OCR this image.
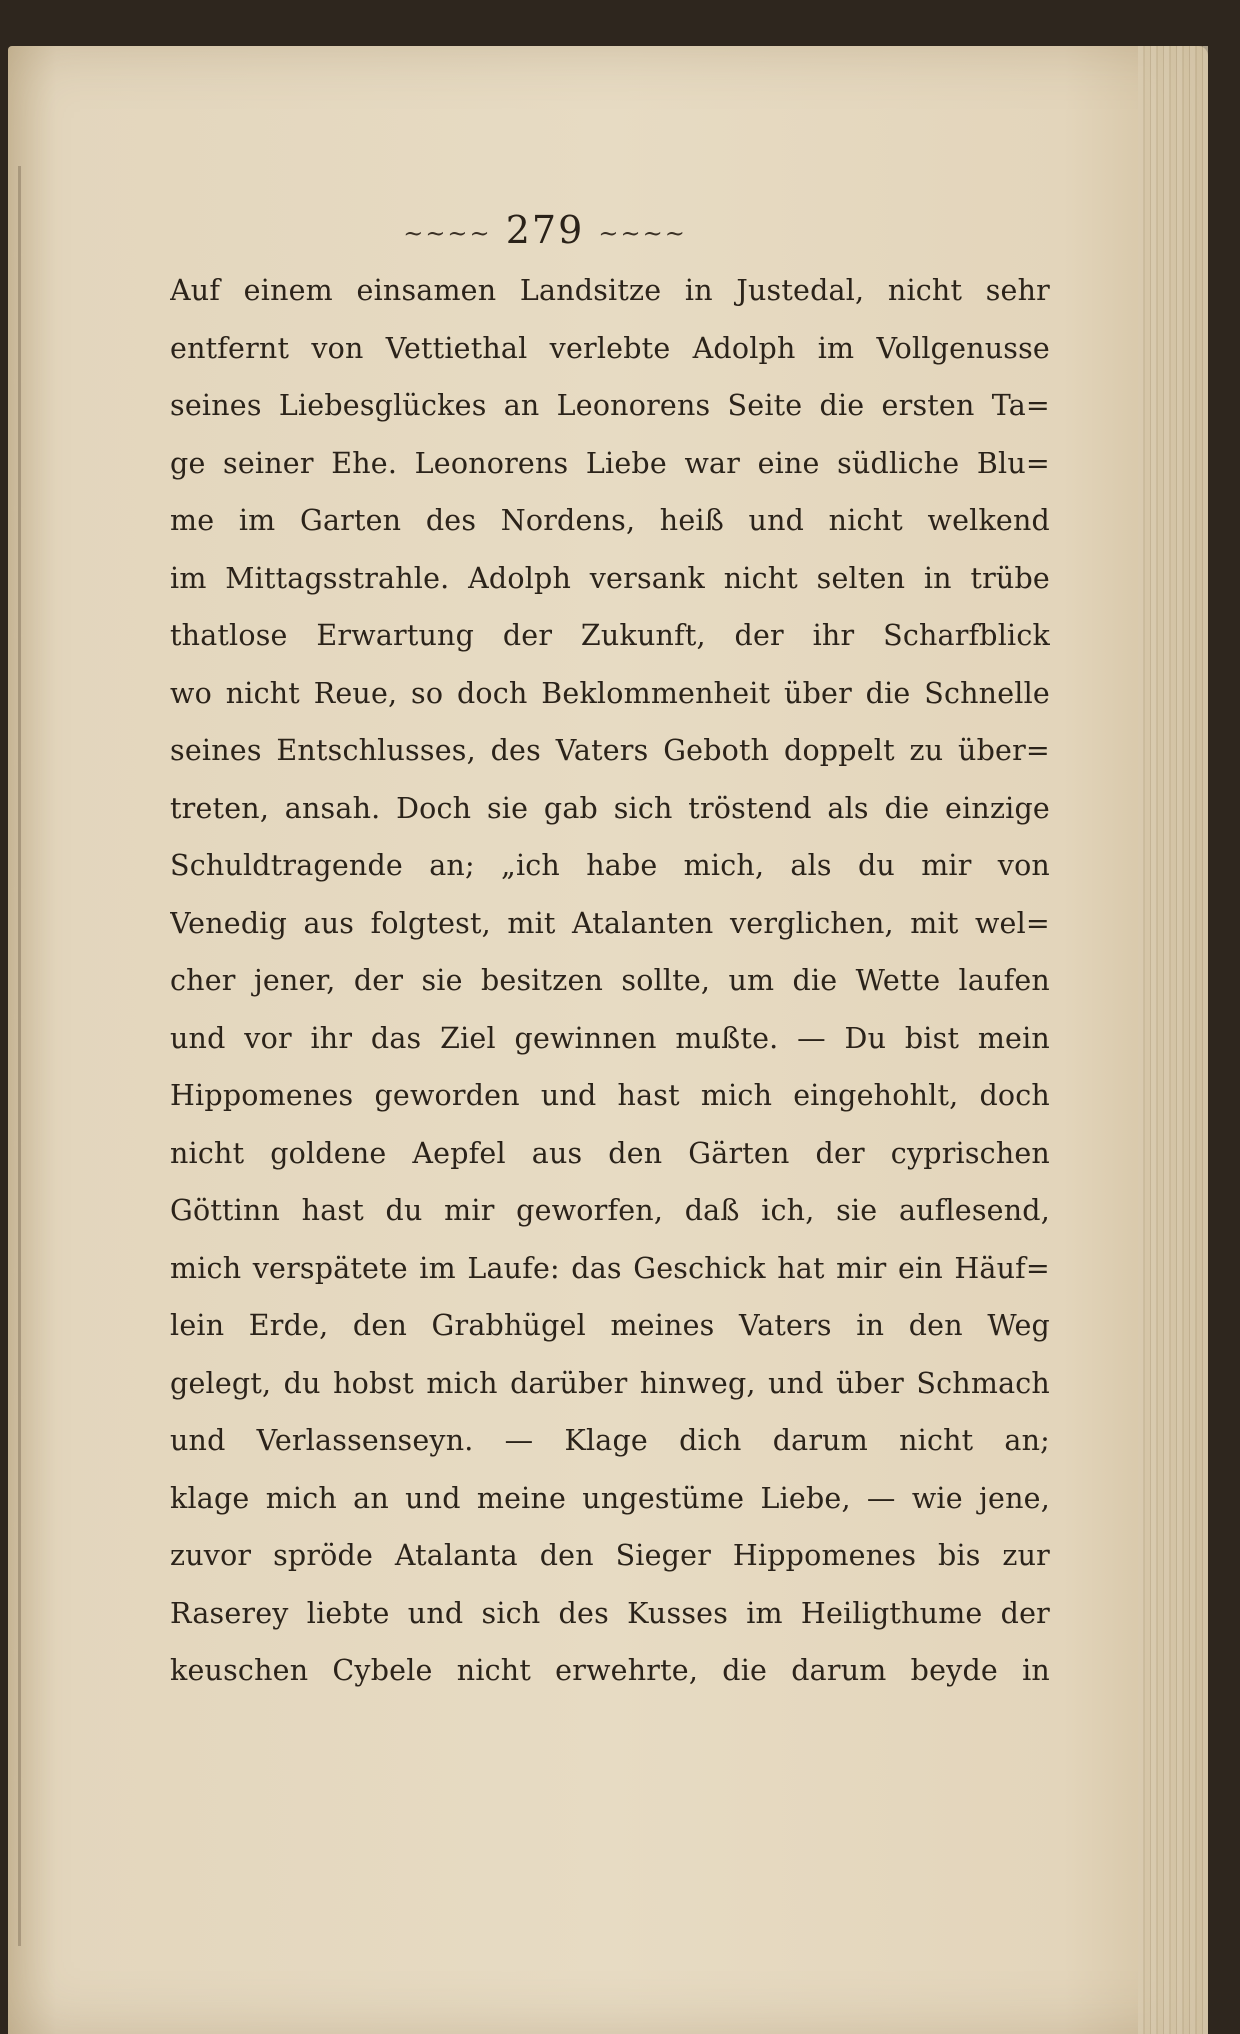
~~~~ 279 ~~~~
Auf einem einsamen Landsitze in Justedal, nicht sehr
entfernt von Vettiethal verlebte Adolph im Vollgenusse
seines Liebesglückes an Leonorens Seite die ersten Ta=
ge seiner Ehe. Leonorens Liebe war eine südliche Blu=
me im Garten des Nordens, heiß und nicht welkend
im Mittagsstrahle. Adolph versank nicht selten in trübe
thatlose Erwartung der Zukunft, der ihr Scharfblick
wo nicht Reue, so doch Beklommenheit über die Schnelle
seines Entschlusses, des Vaters Geboth doppelt zu über=
treten, ansah. Doch sie gab sich tröstend als die einzige
Schuldtragende an; „ich habe mich, als du mir von
Venedig aus folgtest, mit Atalanten verglichen, mit wel=
cher jener, der sie besitzen sollte, um die Wette laufen
und vor ihr das Ziel gewinnen mußte. — Du bist mein
Hippomenes geworden und hast mich eingehohlt, doch
nicht goldene Aepfel aus den Gärten der cyprischen
Göttinn hast du mir geworfen, daß ich, sie auflesend,
mich verspätete im Laufe: das Geschick hat mir ein Häuf=
lein Erde, den Grabhügel meines Vaters in den Weg
gelegt, du hobst mich darüber hinweg, und über Schmach
und Verlassenseyn. — Klage dich darum nicht an;
klage mich an und meine ungestüme Liebe, — wie jene,
zuvor spröde Atalanta den Sieger Hippomenes bis zur
Raserey liebte und sich des Kusses im Heiligthume der
keuschen Cybele nicht erwehrte, die darum beyde in
